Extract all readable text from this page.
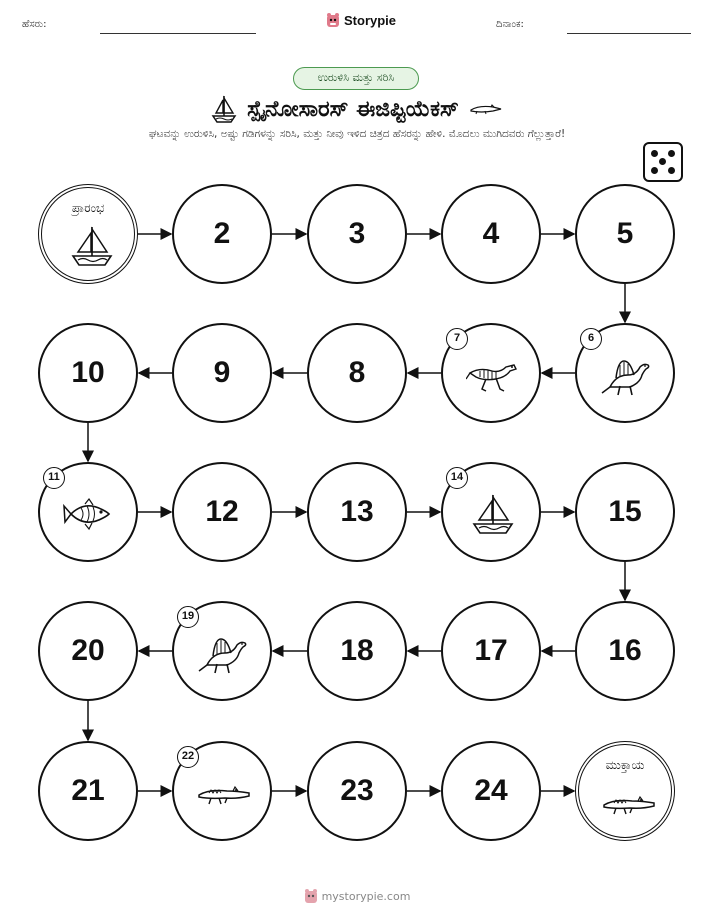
ಹೆಸರು:	Storypie	ದಿನಾಂಕ:
ಉರುಳಿಸಿ ಮತ್ತು ಸರಿಸಿ
ಸ್ಪೈನೋಸಾರಸ್ ಈಜಿಪ್ಟಿಯೆಕಸ್
ಘಟವನ್ನು ಉರುಳಿಸಿ, ಅಷ್ಟು ಗಡಿಗಳನ್ನು ಸರಿಸಿ, ಮತ್ತು ನೀವು ಇಳಿದ ಚಿತ್ರದ ಹೆಸರನ್ನು ಹೇಳಿ. ಮೊದಲು ಮುಗಿದವರು ಗೆಲ್ಲುತ್ತಾರೆ!
ಪ್ರಾರಂಭ
2	3	4	5
6
7
8
9
10
11
12	13
14
15
16
17
18
19
20
21
22
23	24
ಮುಕ್ತಾಯ
mystorypie.com
